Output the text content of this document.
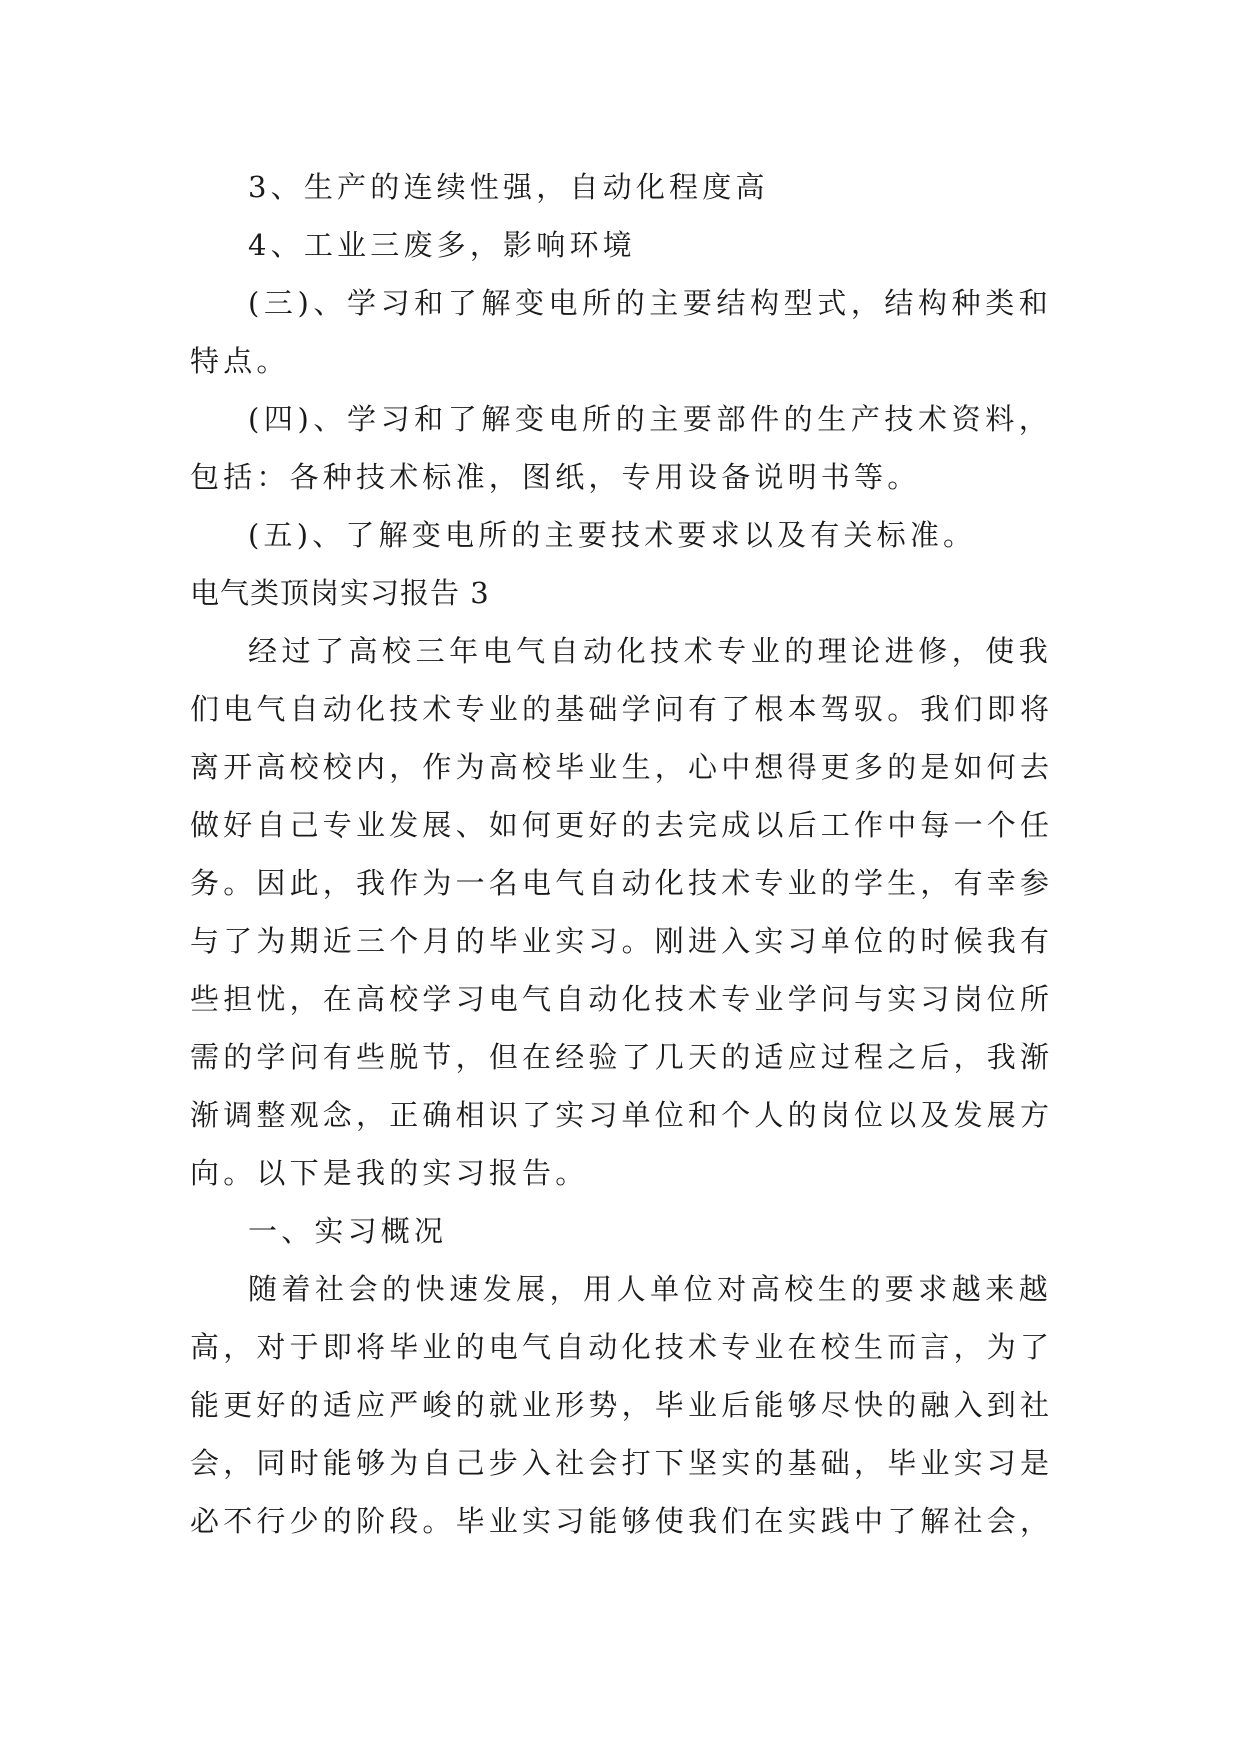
3、生产的连续性强，自动化程度高
4、工业三废多，影响环境
(三)、学习和了解变电所的主要结构型式，结构种类和
特点。
(四)、学习和了解变电所的主要部件的生产技术资料，
包括：各种技术标准，图纸，专用设备说明书等。
(五)、了解变电所的主要技术要求以及有关标准。
电气类顶岗实习报告 3
经过了高校三年电气自动化技术专业的理论进修，使我
们电气自动化技术专业的基础学问有了根本驾驭。我们即将
离开高校校内，作为高校毕业生，心中想得更多的是如何去
做好自己专业发展、如何更好的去完成以后工作中每一个任
务。因此，我作为一名电气自动化技术专业的学生，有幸参
与了为期近三个月的毕业实习。刚进入实习单位的时候我有
些担忧，在高校学习电气自动化技术专业学问与实习岗位所
需的学问有些脱节，但在经验了几天的适应过程之后，我渐
渐调整观念，正确相识了实习单位和个人的岗位以及发展方
向。以下是我的实习报告。
一、实习概况
随着社会的快速发展，用人单位对高校生的要求越来越
高，对于即将毕业的电气自动化技术专业在校生而言，为了
能更好的适应严峻的就业形势，毕业后能够尽快的融入到社
会，同时能够为自己步入社会打下坚实的基础，毕业实习是
必不行少的阶段。毕业实习能够使我们在实践中了解社会，
